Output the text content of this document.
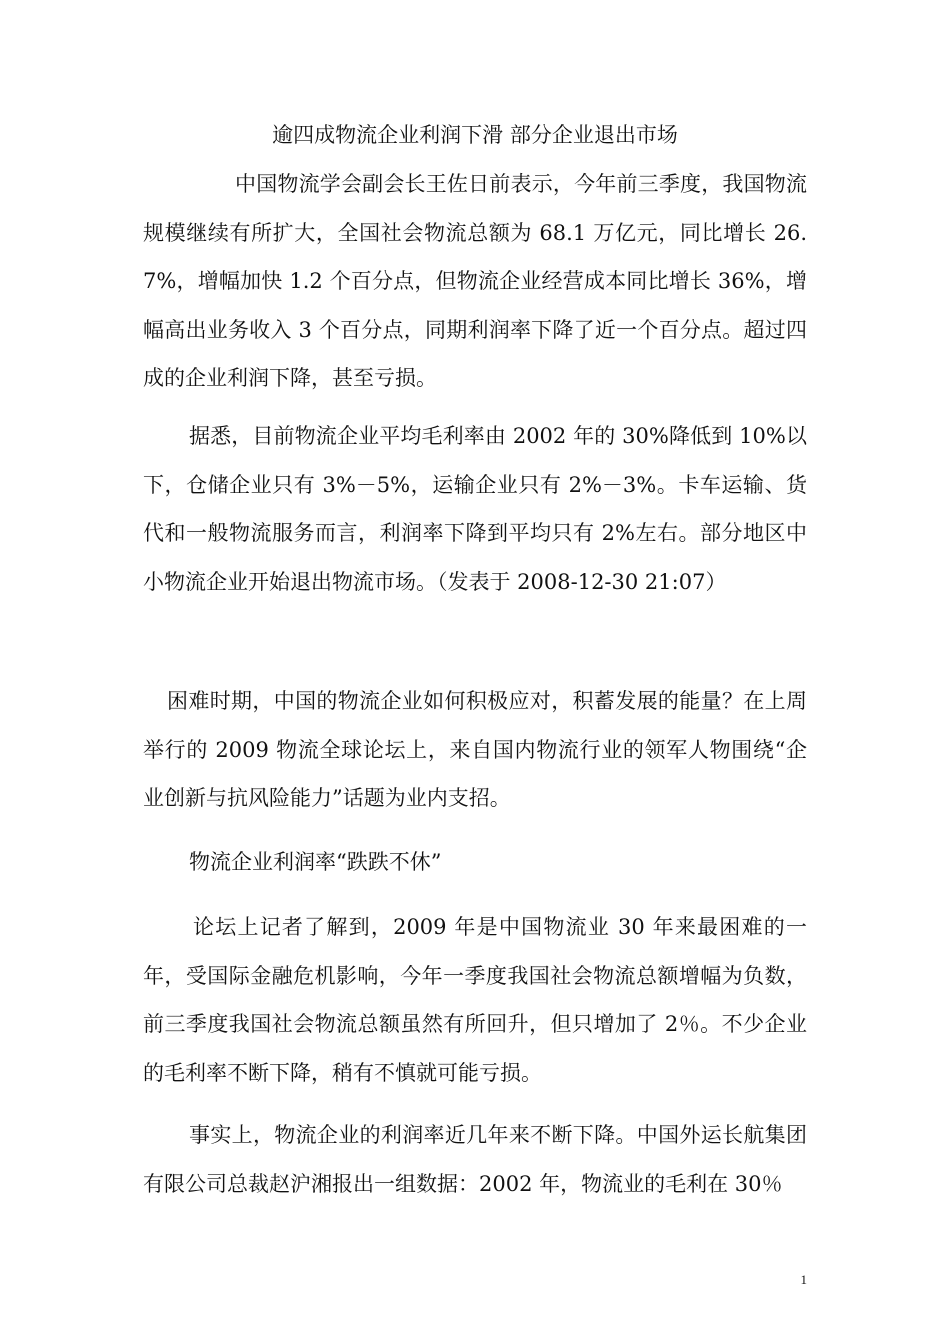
逾四成物流企业利润下滑 部分企业退出市场

中国物流学会副会长王佐日前表示，今年前三季度，我国物流规模继续有所扩大，全国社会物流总额为 68.1 万亿元，同比增长 26.7%，增幅加快 1.2 个百分点，但物流企业经营成本同比增长 36%，增幅高出业务收入 3 个百分点，同期利润率下降了近一个百分点。超过四成的企业利润下降，甚至亏损。

据悉，目前物流企业平均毛利率由 2002 年的 30%降低到 10%以下，仓储企业只有 3%－5%，运输企业只有 2%－3%。卡车运输、货代和一般物流服务而言，利润率下降到平均只有 2%左右。部分地区中小物流企业开始退出物流市场。（发表于 2008-12-30 21:07）

困难时期，中国的物流企业如何积极应对，积蓄发展的能量？在上周举行的 2009 物流全球论坛上，来自国内物流行业的领军人物围绕“企业创新与抗风险能力”话题为业内支招。

物流企业利润率“跌跌不休”

论坛上记者了解到，2009 年是中国物流业 30 年来最困难的一年，受国际金融危机影响，今年一季度我国社会物流总额增幅为负数，前三季度我国社会物流总额虽然有所回升，但只增加了 2％。不少企业的毛利率不断下降，稍有不慎就可能亏损。

事实上，物流企业的利润率近几年来不断下降。中国外运长航集团有限公司总裁赵沪湘报出一组数据：2002 年，物流业的毛利在 30％

1
